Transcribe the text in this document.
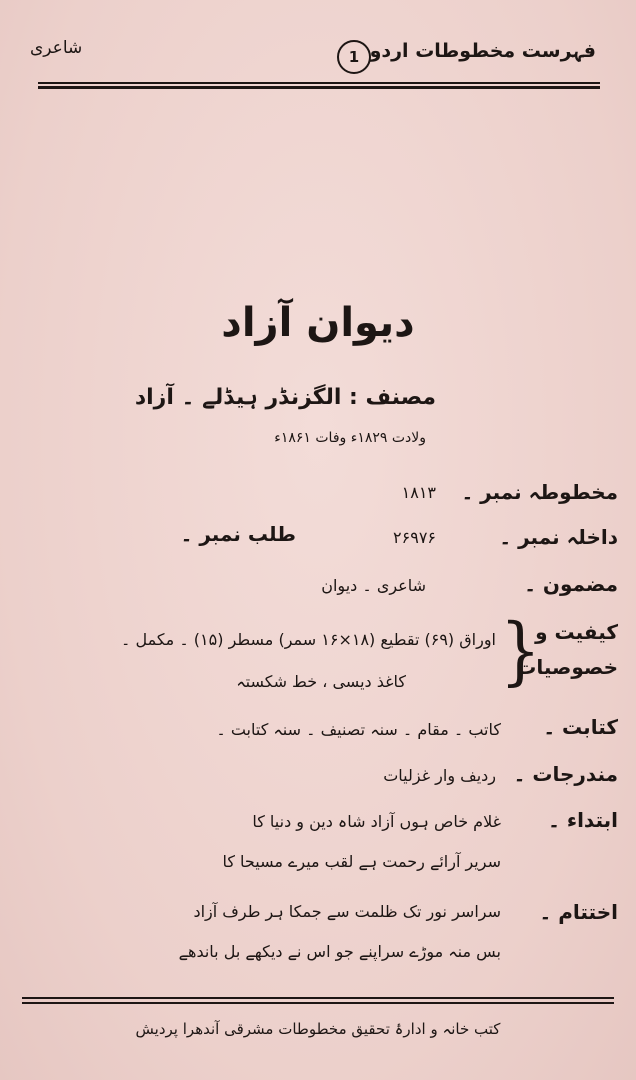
شاعری	1 فہرست مخطوطات اردو
دیوان آزاد
مصنف : الگزنڈر ہیڈلے ۔ آزاد
ولادت ۱۸۲۹ء وفات ۱۸۶۱ء
مخطوطہ نمبر ۔
۱۸۱۳
داخلہ نمبر ۔
۲۶۹۷۶
طلب نمبر ۔
مضمون ۔
شاعری ۔ دیوان
کیفیت و
خصوصیات
}
اوراق (۶۹) تقطیع (۱۸×۱۶ سمر) مسطر (۱۵) ۔ مکمل ۔
کاغذ دیسی ، خط شکستہ
کتابت ۔
کاتب ۔ مقام ۔ سنہ تصنیف ۔ سنہ کتابت ۔
مندرجات ۔
ردیف وار غزلیات
ابتداء ۔
غلام خاص ہوں آزاد شاہ دین و دنیا کا
سریر آرائے رحمت ہے لقب میرے مسیحا کا
اختتام ۔
سراسر نور تک ظلمت سے جمکا ہر طرف آزاد
بس منہ موڑے سراپنے جو اس نے دیکھے بل باندھے
کتب خانہ و ادارۂ تحقیق مخطوطات مشرقی آندھرا پردیش
